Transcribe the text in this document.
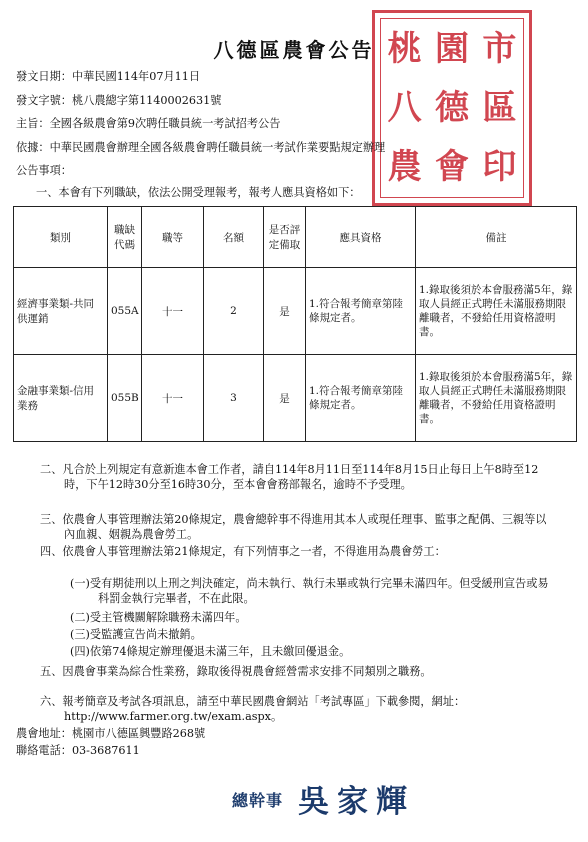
八德區農會公告 桃 園 市
八 德 區
農 會 印
發文日期：中華民國114年07月11日
發文字號：桃八農總字第1140002631號
主旨：全國各級農會第9次聘任職員統一考試招考公告
依據：中華民國農會辦理全國各級農會聘任職員統一考試作業要點規定辦理
公告事項：
一、本會有下列職缺，依法公開受理報考，報考人應具資格如下：
類別	職缺代碼	職等	名額	是否評定備取	應具資格	備註
經濟事業類-共同供運銷	055A	十一	2	是	1.符合報考簡章第陸條規定者。	1.錄取後須於本會服務滿5年，錄取人員經正式聘任未滿服務期限離職者，不發給任用資格證明書。
金融事業類-信用業務	055B	十一	3	是	1.符合報考簡章第陸條規定者。	1.錄取後須於本會服務滿5年，錄取人員經正式聘任未滿服務期限離職者，不發給任用資格證明書。
二、凡合於上列規定有意新進本會工作者，請自114年8月11日至114年8月15日止每日上午8時至12時，下午12時30分至16時30分，至本會會務部報名，逾時不予受理。
三、依農會人事管理辦法第20條規定，農會總幹事不得進用其本人或現任理事、監事之配偶、三親等以內血親、姻親為農會勞工。
四、依農會人事管理辦法第21條規定，有下列情事之一者，不得進用為農會勞工：
(一)受有期徒刑以上刑之判決確定，尚未執行、執行未畢或執行完畢未滿四年。但受緩刑宣告或易科罰金執行完畢者，不在此限。
(二)受主管機關解除職務未滿四年。
(三)受監護宣告尚未撤銷。
(四)依第74條規定辦理優退未滿三年，且未繳回優退金。
五、因農會事業為綜合性業務，錄取後得視農會經營需求安排不同類別之職務。
六、報考簡章及考試各項訊息，請至中華民國農會網站「考試專區」下載參閱，網址：http://www.farmer.org.tw/exam.aspx。
農會地址：桃園市八德區興豐路268號
聯絡電話：03-3687611
總幹事 吳家輝
